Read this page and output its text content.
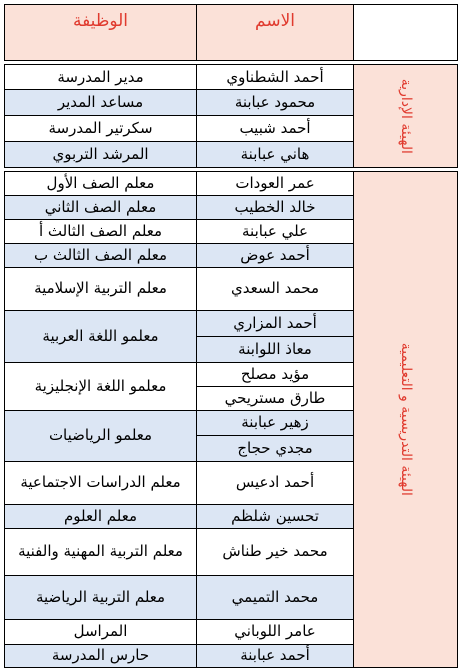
الوظيفة	الاسم
الهيئة الإدارية
الهيئة التدريسية و التعليمية
أحمد الشطناوي
مدير المدرسة
محمود عبابنة
مساعد المدير
أحمد شبيب
سكرتير المدرسة
هاني عبابنة
المرشد التربوي
عمر العودات
خالد الخطيب
علي عبابنة
أحمد عوض
محمد السعدي
أحمد المزاري
معاذ اللوابنة
مؤيد مصلح
طارق مستريحي
زهير عبابنة
مجدي حجاج
أحمد ادعيس
تحسين شلظم
محمد خير طناش
محمد التميمي
عامر اللوباني
أحمد عبابنة
معلم الصف الأول
معلم الصف الثاني
معلم الصف الثالث أ
معلم الصف الثالث ب
معلم التربية الإسلامية
معلمو اللغة العربية
معلمو اللغة الإنجليزية
معلمو الرياضيات
معلم الدراسات الاجتماعية
معلم العلوم
معلم التربية المهنية والفنية
معلم التربية الرياضية
المراسل
حارس المدرسة
